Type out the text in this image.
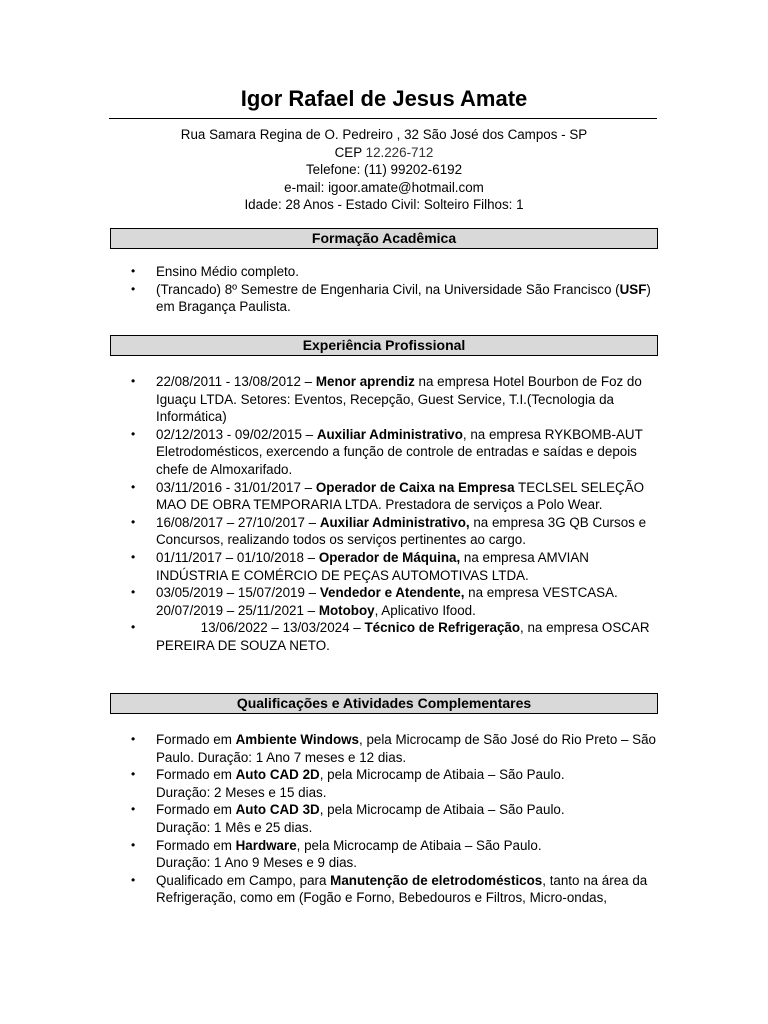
Igor Rafael de Jesus Amate
Rua Samara Regina de O. Pedreiro , 32 São José dos Campos - SP
CEP 12.226-712
Telefone: (11) 99202-6192
e-mail: igoor.amate@hotmail.com
Idade: 28 Anos - Estado Civil: Solteiro Filhos: 1
Formação Acadêmica
• Ensino Médio completo.
• (Trancado) 8º Semestre de Engenharia Civil, na Universidade São Francisco (USF) em Bragança Paulista.
Experiência Profissional
• 22/08/2011 - 13/08/2012 – Menor aprendiz na empresa Hotel Bourbon de Foz do Iguaçu LTDA. Setores: Eventos, Recepção, Guest Service, T.I.(Tecnologia da Informática)
• 02/12/2013 - 09/02/2015 – Auxiliar Administrativo, na empresa RYKBOMB-AUT Eletrodomésticos, exercendo a função de controle de entradas e saídas e depois chefe de Almoxarifado.
• 03/11/2016 - 31/01/2017 – Operador de Caixa na Empresa TECLSEL SELEÇÃO MAO DE OBRA TEMPORARIA LTDA. Prestadora de serviços a Polo Wear.
• 16/08/2017 – 27/10/2017 – Auxiliar Administrativo, na empresa 3G QB Cursos e Concursos, realizando todos os serviços pertinentes ao cargo.
• 01/11/2017 – 01/10/2018 – Operador de Máquina, na empresa AMVIAN INDÚSTRIA E COMÉRCIO DE PEÇAS AUTOMOTIVAS LTDA.
• 03/05/2019 – 15/07/2019 – Vendedor e Atendente, na empresa VESTCASA.
20/07/2019 – 25/11/2021 – Motoboy, Aplicativo Ifood.
• 13/06/2022 – 13/03/2024 – Técnico de Refrigeração, na empresa OSCAR PEREIRA DE SOUZA NETO.
Qualificações e Atividades Complementares
• Formado em Ambiente Windows, pela Microcamp de São José do Rio Preto – São Paulo. Duração: 1 Ano 7 meses e 12 dias.
• Formado em Auto CAD 2D, pela Microcamp de Atibaia – São Paulo.
Duração: 2 Meses e 15 dias.
• Formado em Auto CAD 3D, pela Microcamp de Atibaia – São Paulo.
Duração: 1 Mês e 25 dias.
• Formado em Hardware, pela Microcamp de Atibaia – São Paulo.
Duração: 1 Ano 9 Meses e 9 dias.
• Qualificado em Campo, para Manutenção de eletrodomésticos, tanto na área da Refrigeração, como em (Fogão e Forno, Bebedouros e Filtros, Micro-ondas,
